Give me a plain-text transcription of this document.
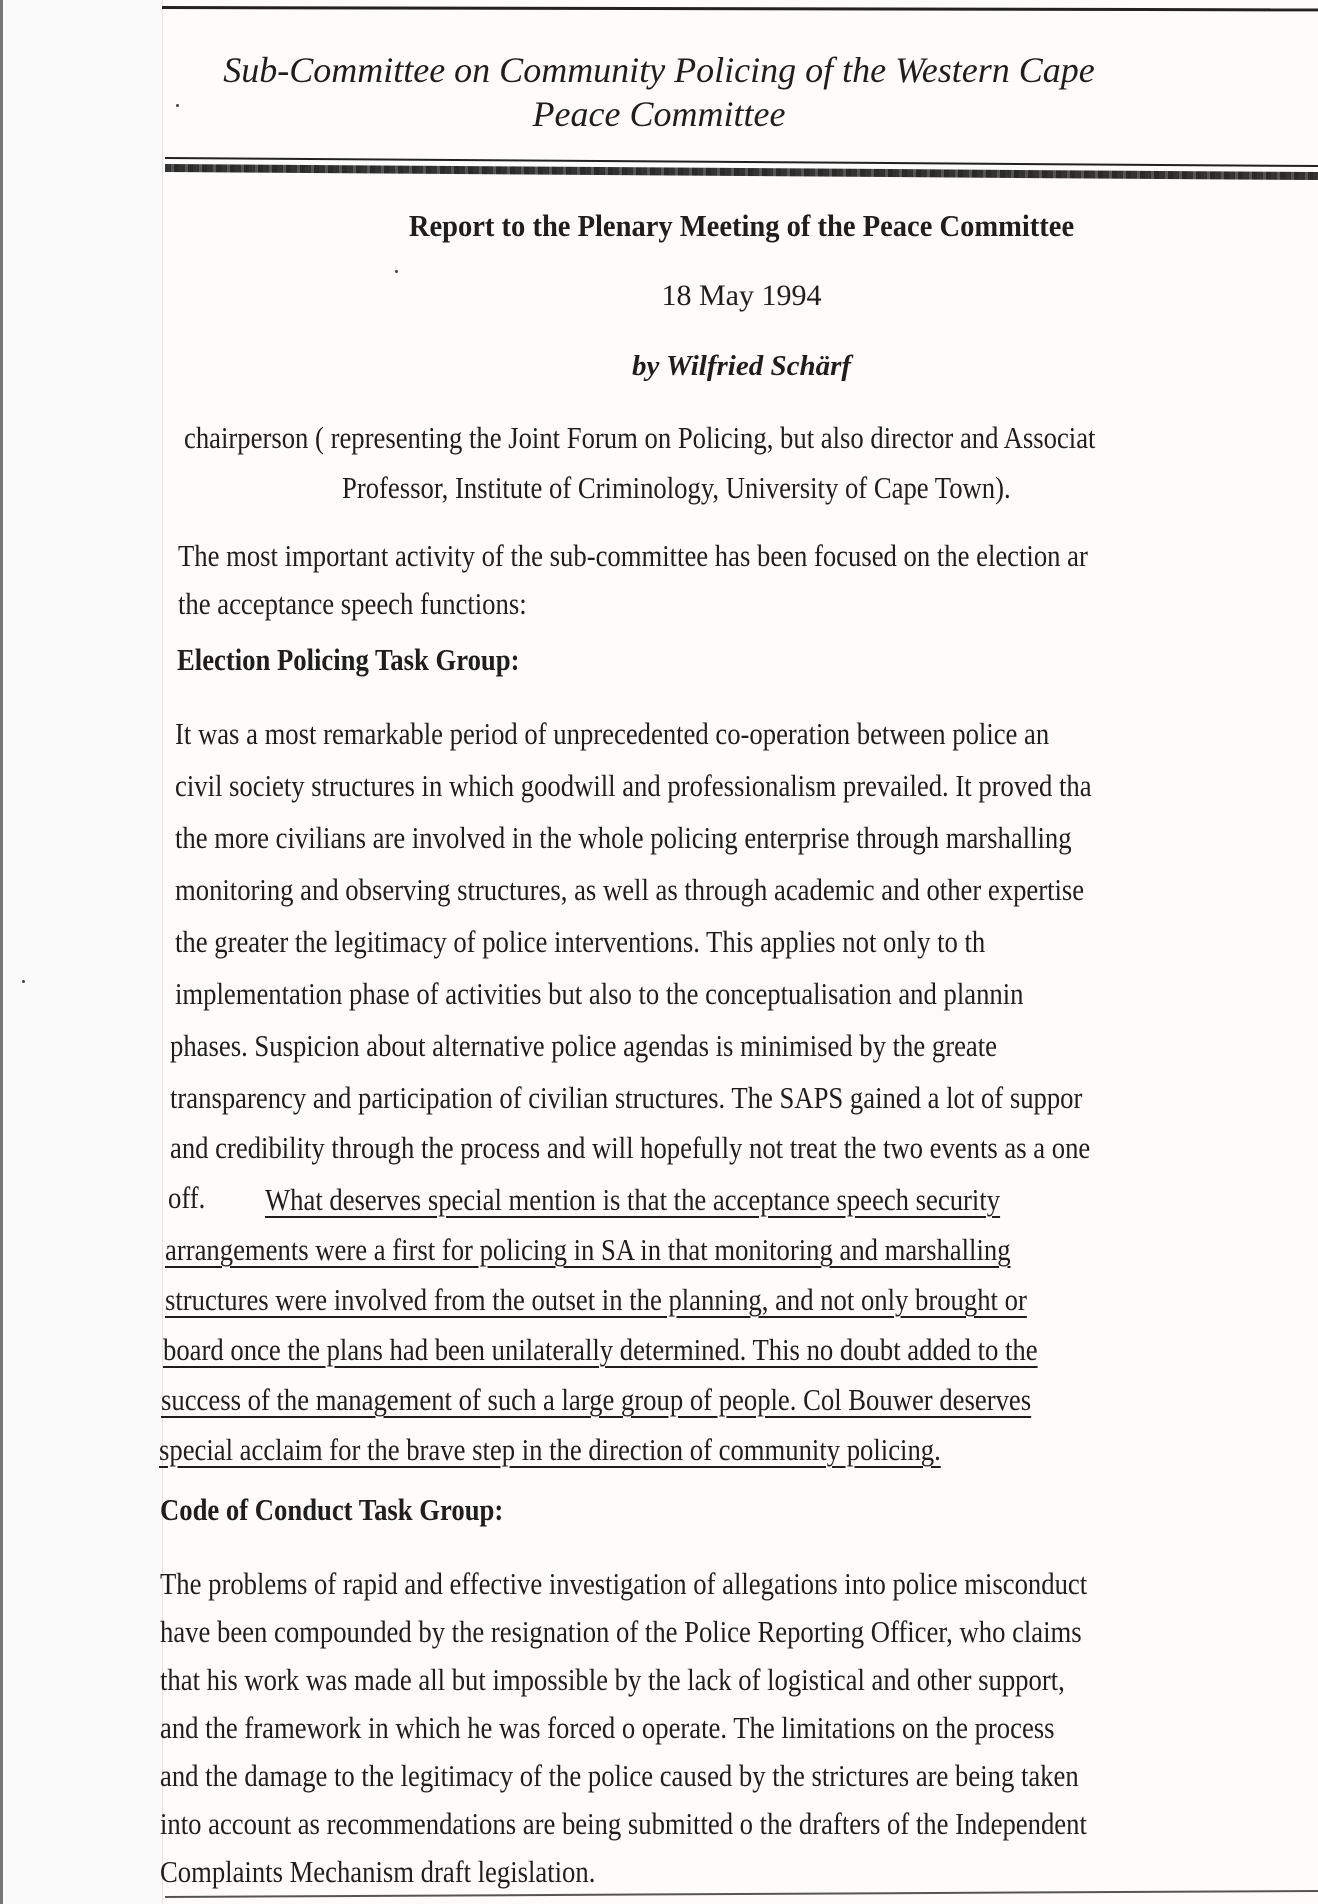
Sub-Committee on Community Policing of the Western Cape
Peace Committee
Report to the Plenary Meeting of the Peace Committee
18 May 1994
by Wilfried Schärf
chairperson ( representing the Joint Forum on Policing, but also director and Associat
Professor, Institute of Criminology, University of Cape Town).
The most important activity of the sub-committee has been focused on the election ar
the acceptance speech functions:
Election Policing Task Group:
It was a most remarkable period of unprecedented co-operation between police an
civil society structures in which goodwill and professionalism prevailed. It proved tha
the more civilians are involved in the whole policing enterprise through marshalling
monitoring and observing structures, as well as through academic and other expertise
the greater the legitimacy of police interventions. This applies not only to th
implementation phase of activities but also to the conceptualisation and plannin
phases. Suspicion about alternative police agendas is minimised by the greate
transparency and participation of civilian structures. The SAPS gained a lot of suppor
and credibility through the process and will hopefully not treat the two events as a one
off. What deserves special mention is that the acceptance speech security
arrangements were a first for policing in SA in that monitoring and marshalling
structures were involved from the outset in the planning, and not only brought or
board once the plans had been unilaterally determined. This no doubt added to the
success of the management of such a large group of people. Col Bouwer deserves
special acclaim for the brave step in the direction of community policing.
Code of Conduct Task Group:
The problems of rapid and effective investigation of allegations into police misconduct
have been compounded by the resignation of the Police Reporting Officer, who claims
that his work was made all but impossible by the lack of logistical and other support,
and the framework in which he was forced o operate. The limitations on the process
and the damage to the legitimacy of the police caused by the strictures are being taken
into account as recommendations are being submitted o the drafters of the Independent
Complaints Mechanism draft legislation.
